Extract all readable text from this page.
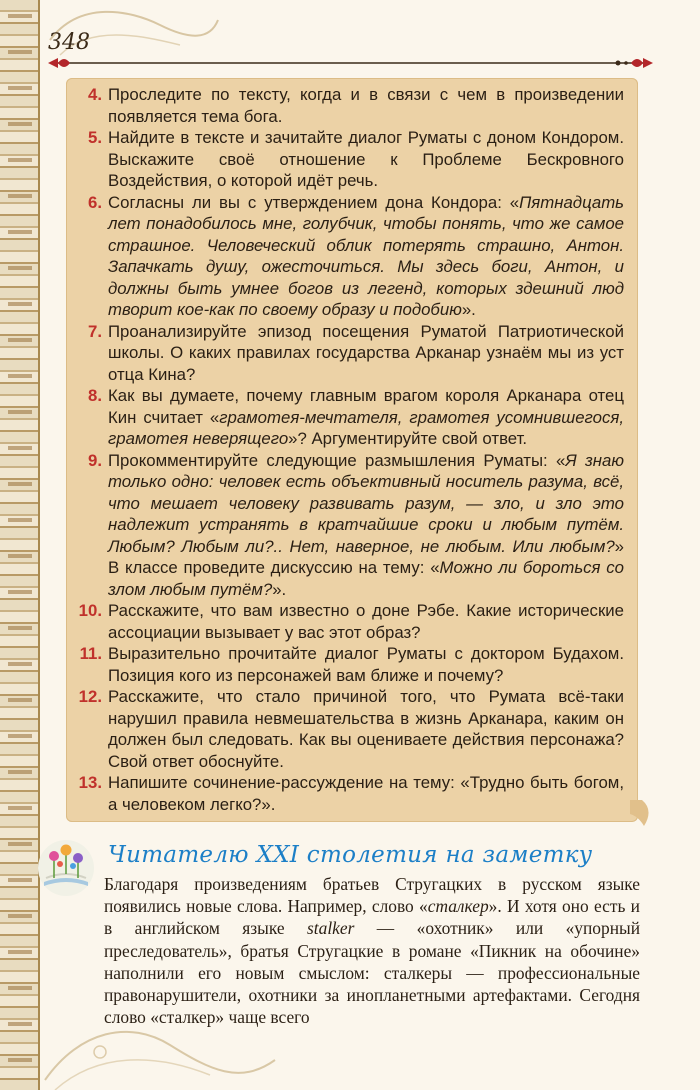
348
4. Проследите по тексту, когда и в связи с чем в произведении появляется тема бога.
5. Найдите в тексте и зачитайте диалог Руматы с доном Кондором. Выскажите своё отношение к Проблеме Бескровного Воздействия, о которой идёт речь.
6. Согласны ли вы с утверждением дона Кондора: «Пятнадцать лет понадобилось мне, голубчик, чтобы понять, что же самое страшное. Человеческий облик потерять страшно, Антон. Запачкать душу, ожесточиться. Мы здесь боги, Антон, и должны быть умнее богов из легенд, которых здешний люд творит кое-как по своему образу и подобию».
7. Проанализируйте эпизод посещения Руматой Патриотической школы. О каких правилах государства Арканар узнаём мы из уст отца Кина?
8. Как вы думаете, почему главным врагом короля Арканара отец Кин считает «грамотея-мечтателя, грамотея усомнившегося, грамотея неверящего»? Аргументируйте свой ответ.
9. Прокомментируйте следующие размышления Руматы: «Я знаю только одно: человек есть объективный носитель разума, всё, что мешает человеку развивать разум, — зло, и зло это надлежит устранять в кратчайшие сроки и любым путём. Любым? Любым ли?.. Нет, наверное, не любым. Или любым?» В классе проведите дискуссию на тему: «Можно ли бороться со злом любым путём?».
10. Расскажите, что вам известно о доне Рэбе. Какие исторические ассоциации вызывает у вас этот образ?
11. Выразительно прочитайте диалог Руматы с доктором Будахом. Позиция кого из персонажей вам ближе и почему?
12. Расскажите, что стало причиной того, что Румата всё-таки нарушил правила невмешательства в жизнь Арканара, каким он должен был следовать. Как вы оцениваете действия персонажа? Свой ответ обоснуйте.
13. Напишите сочинение-рассуждение на тему: «Трудно быть богом, а человеком легко?».
Читателю XXI столетия на заметку
Благодаря произведениям братьев Стругацких в русском языке появились новые слова. Например, слово «сталкер». И хотя оно есть и в английском языке stalker — «охотник» или «упорный преследователь», братья Стругацкие в романе «Пикник на обочине» наполнили его новым смыслом: сталкеры — профессиональные правонарушители, охотники за инопланетными артефактами. Сегодня слово «сталкер» чаще всего
